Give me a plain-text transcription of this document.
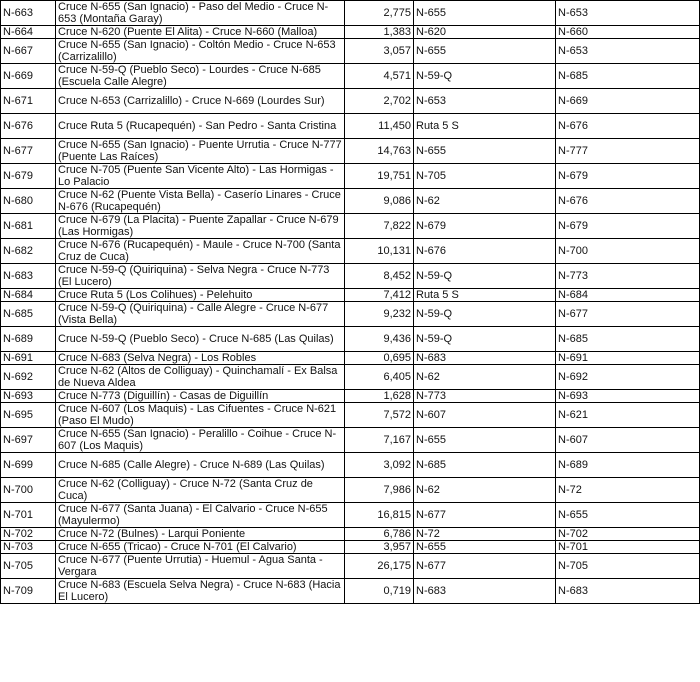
N-663	Cruce N-655 (San Ignacio) - Paso del Medio - Cruce N-653 (Montaña Garay)	2,775	N-655	N-653
N-664	Cruce N-620 (Puente El Alita) - Cruce N-660 (Malloa)	1,383	N-620	N-660
N-667	Cruce N-655 (San Ignacio) - Coltón Medio - Cruce N-653 (Carrizalillo)	3,057	N-655	N-653
N-669	Cruce N-59-Q (Pueblo Seco) - Lourdes - Cruce N-685 (Escuela Calle Alegre)	4,571	N-59-Q	N-685
N-671	Cruce N-653 (Carrizalillo) - Cruce N-669 (Lourdes Sur)	2,702	N-653	N-669
N-676	Cruce Ruta 5 (Rucapequén) - San Pedro - Santa Cristina	11,450	Ruta 5 S	N-676
N-677	Cruce N-655 (San Ignacio) - Puente Urrutia - Cruce N-777 (Puente Las Raíces)	14,763	N-655	N-777
N-679	Cruce N-705 (Puente San Vicente Alto) - Las Hormigas - Lo Palacio	19,751	N-705	N-679
N-680	Cruce N-62 (Puente Vista Bella) - Caserío Linares - Cruce N-676 (Rucapequén)	9,086	N-62	N-676
N-681	Cruce N-679 (La Placita) - Puente Zapallar - Cruce N-679 (Las Hormigas)	7,822	N-679	N-679
N-682	Cruce N-676 (Rucapequén) - Maule - Cruce N-700 (Santa Cruz de Cuca)	10,131	N-676	N-700
N-683	Cruce N-59-Q (Quiriquina) - Selva Negra - Cruce N-773 (El Lucero)	8,452	N-59-Q	N-773
N-684	Cruce Ruta 5 (Los Colihues) - Pelehuito	7,412	Ruta 5 S	N-684
N-685	Cruce N-59-Q (Quiriquina) - Calle Alegre - Cruce N-677 (Vista Bella)	9,232	N-59-Q	N-677
N-689	Cruce N-59-Q (Pueblo Seco) - Cruce N-685 (Las Quilas)	9,436	N-59-Q	N-685
N-691	Cruce N-683 (Selva Negra) - Los Robles	0,695	N-683	N-691
N-692	Cruce N-62 (Altos de Colliguay) - Quinchamalí - Ex Balsa de Nueva Aldea	6,405	N-62	N-692
N-693	Cruce N-773 (Diguillín) - Casas de Diguillín	1,628	N-773	N-693
N-695	Cruce N-607 (Los Maquis) - Las Cifuentes - Cruce N-621 (Paso El Mudo)	7,572	N-607	N-621
N-697	Cruce N-655 (San Ignacio) - Peralillo - Coihue - Cruce N-607 (Los Maquis)	7,167	N-655	N-607
N-699	Cruce N-685 (Calle Alegre) - Cruce N-689 (Las Quilas)	3,092	N-685	N-689
N-700	Cruce N-62 (Colliguay) - Cruce N-72 (Santa Cruz de Cuca)	7,986	N-62	N-72
N-701	Cruce N-677 (Santa Juana) - El Calvario - Cruce N-655 (Mayulermo)	16,815	N-677	N-655
N-702	Cruce N-72 (Bulnes) - Larqui Poniente	6,786	N-72	N-702
N-703	Cruce N-655 (Tricao) - Cruce N-701 (El Calvario)	3,957	N-655	N-701
N-705	Cruce N-677 (Puente Urrutia) - Huemul - Agua Santa - Vergara	26,175	N-677	N-705
N-709	Cruce N-683 (Escuela Selva Negra) - Cruce N-683 (Hacia El Lucero)	0,719	N-683	N-683
